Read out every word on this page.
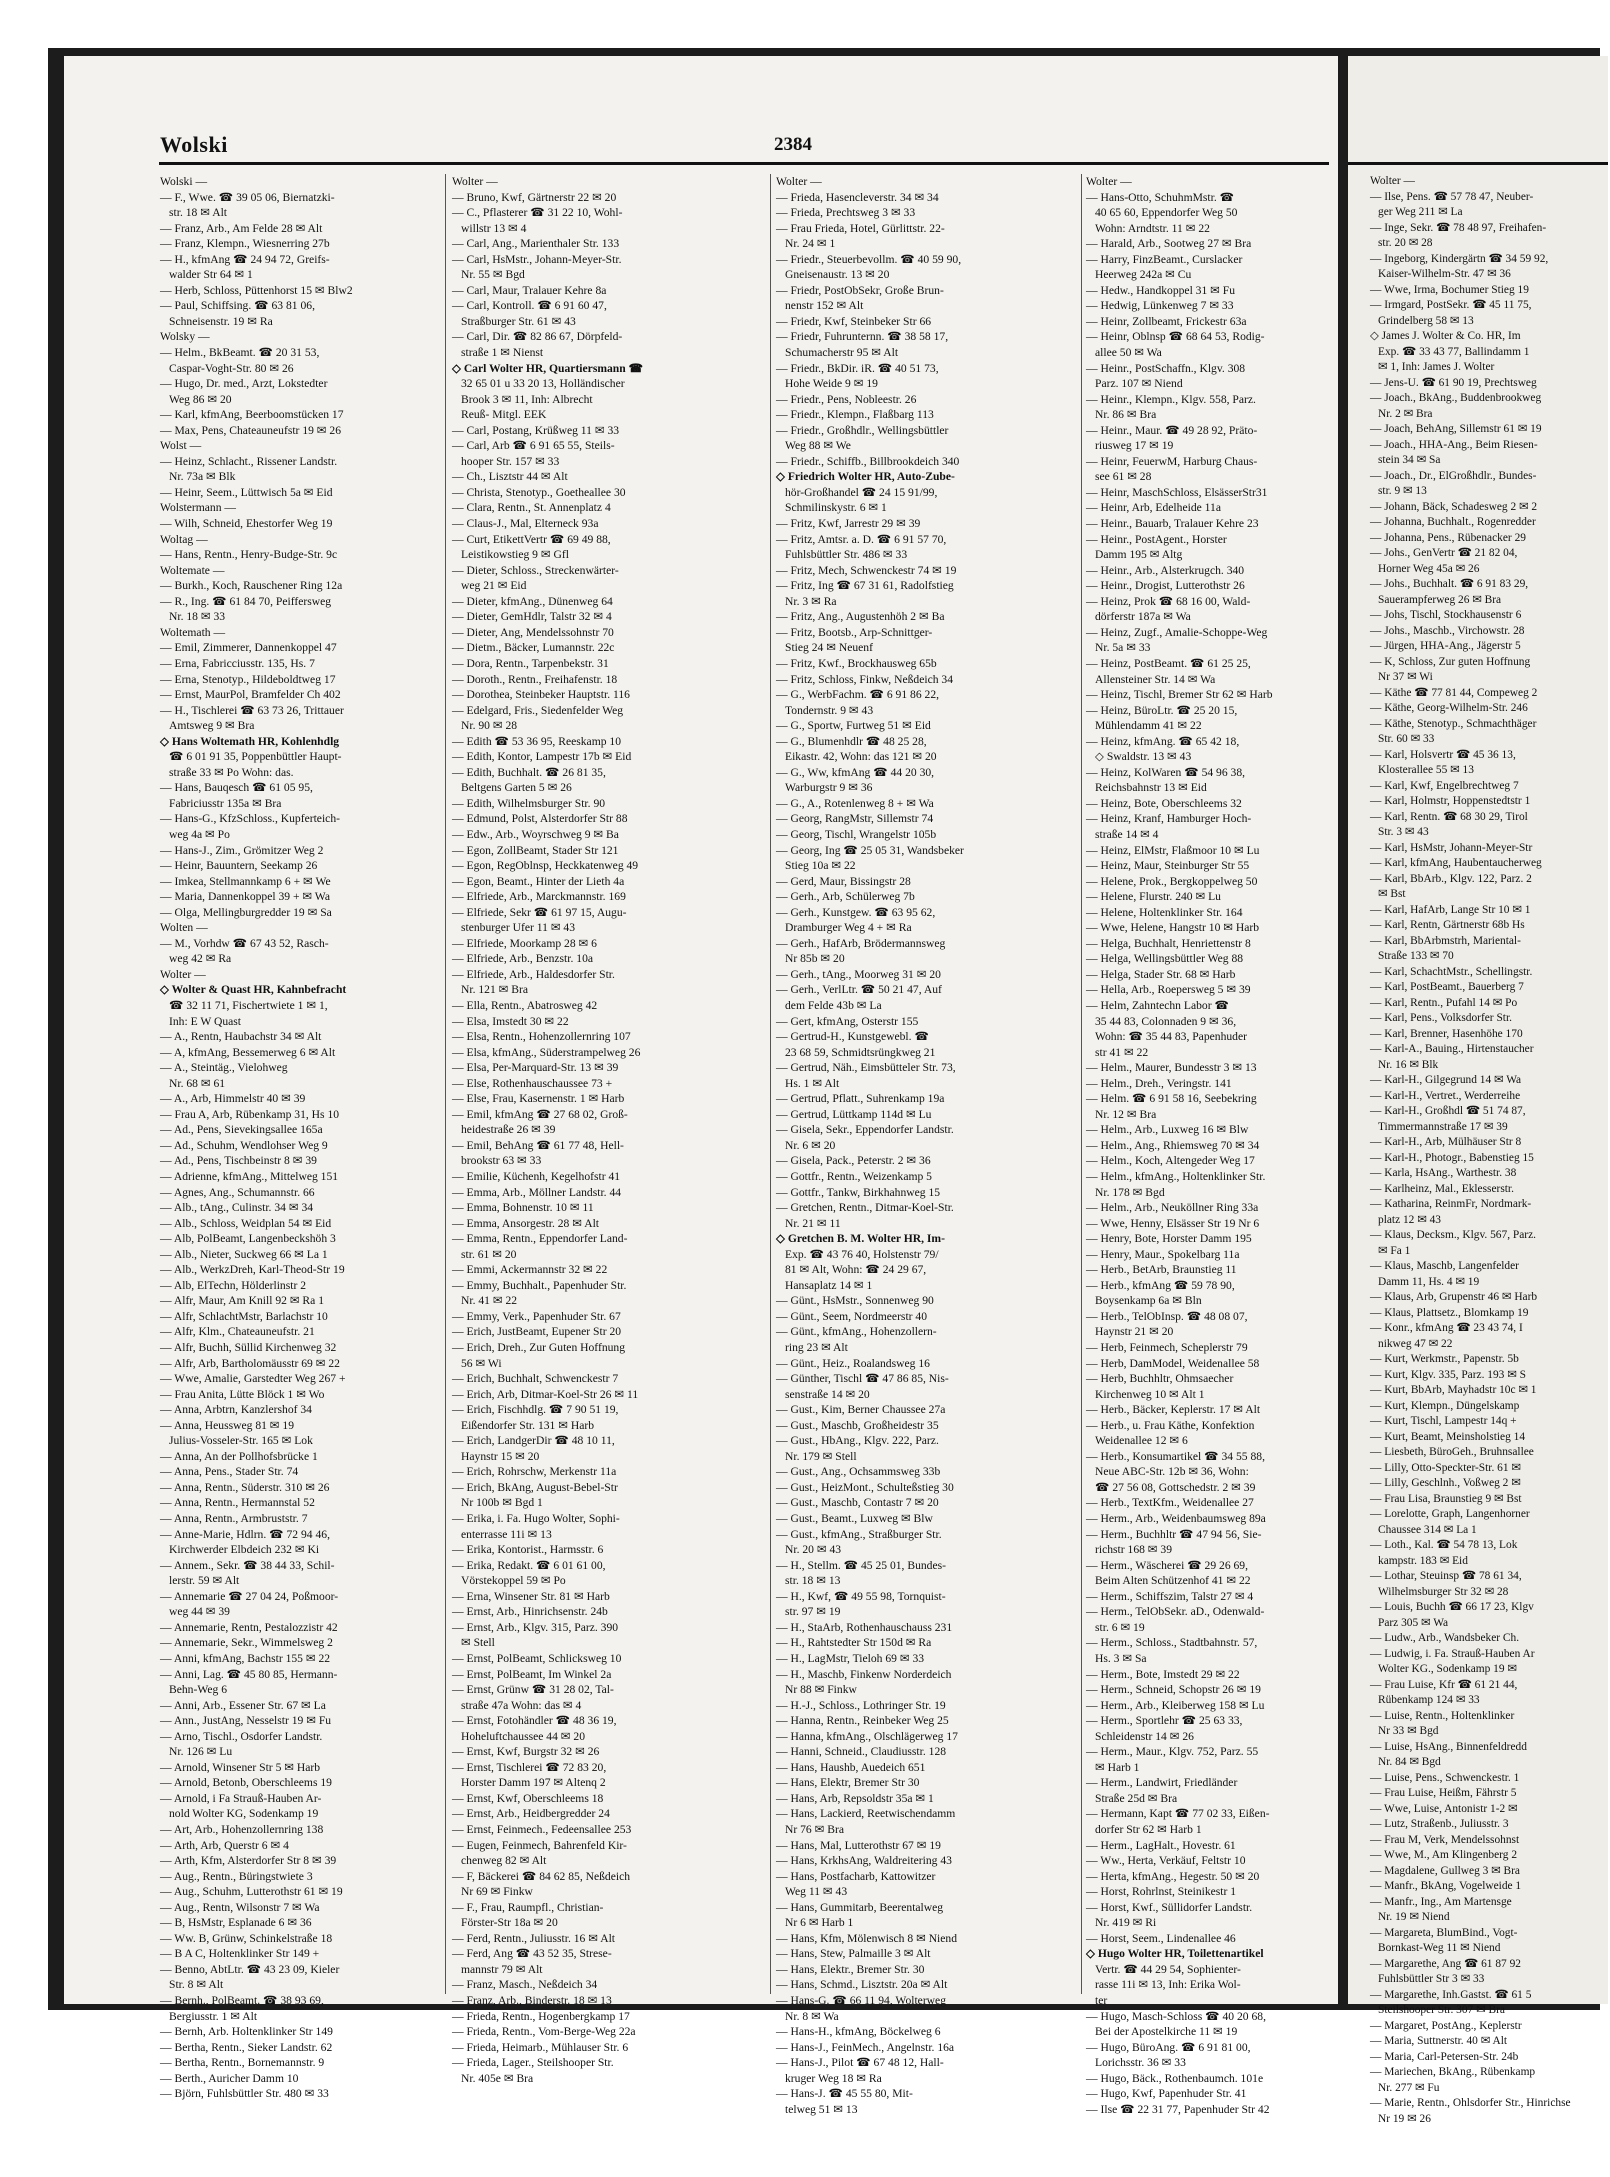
Wolski	2384
Wolski —
— F., Wwe. ☎ 39 05 06, Biernatzki-
str. 18 ✉ Alt
— Franz, Arb., Am Felde 28 ✉ Alt
— Franz, Klempn., Wiesnerring 27b
— H., kfmAng ☎ 24 94 72, Greifs-
walder Str 64 ✉ 1
— Herb, Schloss, Püttenhorst 15 ✉ Blw2
— Paul, Schiffsing. ☎ 63 81 06,
Schneisenstr. 19 ✉ Ra
Wolsky —
— Helm., BkBeamt. ☎ 20 31 53,
Caspar-Voght-Str. 80 ✉ 26
— Hugo, Dr. med., Arzt, Lokstedter
Weg 86 ✉ 20
— Karl, kfmAng, Beerboomstücken 17
— Max, Pens, Chateauneufstr 19 ✉ 26
Wolst —
— Heinz, Schlacht., Rissener Landstr.
Nr. 73a ✉ Blk
— Heinr, Seem., Lüttwisch 5a ✉ Eid
Wolstermann —
— Wilh, Schneid, Ehestorfer Weg 19
Woltag —
— Hans, Rentn., Henry-Budge-Str. 9c
Woltemate —
— Burkh., Koch, Rauschener Ring 12a
— R., Ing. ☎ 61 84 70, Peiffersweg
Nr. 18 ✉ 33
Woltemath —
— Emil, Zimmerer, Dannenkoppel 47
— Erna, Fabricciusstr. 135, Hs. 7
— Erna, Stenotyp., Hildeboldtweg 17
— Ernst, MaurPol, Bramfelder Ch 402
— H., Tischlerei ☎ 63 73 26, Trittauer
Amtsweg 9 ✉ Bra
◇ Hans Woltemath HR, Kohlenhdlg
☎ 6 01 91 35, Poppenbüttler Haupt-
straße 33 ✉ Po Wohn: das.
— Hans, Bauqesch ☎ 61 05 95,
Fabriciusstr 135a ✉ Bra
— Hans-G., KfzSchloss., Kupferteich-
weg 4a ✉ Po
— Hans-J., Zim., Grömitzer Weg 2
— Heinr, Bauuntern, Seekamp 26
— Imkea, Stellmannkamp 6 + ✉ We
— Maria, Dannenkoppel 39 + ✉ Wa
— Olga, Mellingburgredder 19 ✉ Sa
Wolten —
— M., Vorhdw ☎ 67 43 52, Rasch-
weg 42 ✉ Ra
Wolter —
◇ Wolter & Quast HR, Kahnbefracht
☎ 32 11 71, Fischertwiete 1 ✉ 1,
Inh: E W Quast
— A., Rentn, Haubachstr 34 ✉ Alt
— A, kfmAng, Bessemerweg 6 ✉ Alt
— A., Steintäg., Vielohweg
Nr. 68 ✉ 61
— A., Arb, Himmelstr 40 ✉ 39
— Frau A, Arb, Rübenkamp 31, Hs 10
— Ad., Pens, Sievekingsallee 165a
— Ad., Schuhm, Wendlohser Weg 9
— Ad., Pens, Tischbeinstr 8 ✉ 39
— Adrienne, kfmAng., Mittelweg 151
— Agnes, Ang., Schumannstr. 66
— Alb., tAng., Culinstr. 34 ✉ 34
— Alb., Schloss, Weidplan 54 ✉ Eid
— Alb, PolBeamt, Langenbeckshöh 3
— Alb., Nieter, Suckweg 66 ✉ La 1
— Alb., WerkzDreh, Karl-Theod-Str 19
— Alb, ElTechn, Hölderlinstr 2
— Alfr, Maur, Am Knill 92 ✉ Ra 1
— Alfr, SchlachtMstr, Barlachstr 10
— Alfr, Klm., Chateauneufstr. 21
— Alfr, Buchh, Süllid Kirchenweg 32
— Alfr, Arb, Bartholomäusstr 69 ✉ 22
— Wwe, Amalie, Garstedter Weg 267 +
— Frau Anita, Lütte Blöck 1 ✉ Wo
— Anna, Arbtrn, Kanzlershof 34
— Anna, Heussweg 81 ✉ 19
Julius-Vosseler-Str. 165 ✉ Lok
— Anna, An der Pollhofsbrücke 1
— Anna, Pens., Stader Str. 74
— Anna, Rentn., Süderstr. 310 ✉ 26
— Anna, Rentn., Hermannstal 52
— Anna, Rentn., Armbruststr. 7
— Anne-Marie, Hdlrn. ☎ 72 94 46,
Kirchwerder Elbdeich 232 ✉ Ki
— Annem., Sekr. ☎ 38 44 33, Schil-
lerstr. 59 ✉ Alt
— Annemarie ☎ 27 04 24, Poßmoor-
weg 44 ✉ 39
— Annemarie, Rentn, Pestalozzistr 42
— Annemarie, Sekr., Wimmelsweg 2
— Anni, kfmAng, Bachstr 155 ✉ 22
— Anni, Lag. ☎ 45 80 85, Hermann-
Behn-Weg 6
— Anni, Arb., Essener Str. 67 ✉ La
— Ann., JustAng, Nesselstr 19 ✉ Fu
— Arno, Tischl., Osdorfer Landstr.
Nr. 126 ✉ Lu
— Arnold, Winsener Str 5 ✉ Harb
— Arnold, Betonb, Oberschleems 19
— Arnold, i Fa Strauß-Hauben Ar-
nold Wolter KG, Sodenkamp 19
— Art, Arb., Hohenzollernring 138
— Arth, Arb, Querstr 6 ✉ 4
— Arth, Kfm, Alsterdorfer Str 8 ✉ 39
— Aug., Rentn., Büringstwiete 3
— Aug., Schuhm, Lutterothstr 61 ✉ 19
— Aug., Rentn, Wilsonstr 7 ✉ Wa
— B, HsMstr, Esplanade 6 ✉ 36
— Ww. B, Grünw, Schinkelstraße 18
— B A C, Holtenklinker Str 149 +
— Benno, AbtLtr. ☎ 43 23 09, Kieler
Str. 8 ✉ Alt
— Bernh., PolBeamt. ☎ 38 93 69,
Bergiusstr. 1 ✉ Alt
— Bernh, Arb. Holtenklinker Str 149
— Bertha, Rentn., Sieker Landstr. 62
— Bertha, Rentn., Bornemannstr. 9
— Berth., Auricher Damm 10
— Björn, Fuhlsbüttler Str. 480 ✉ 33
Wolter —
— Bruno, Kwf, Gärtnerstr 22 ✉ 20
— C., Pflasterer ☎ 31 22 10, Wohl-
willstr 13 ✉ 4
— Carl, Ang., Marienthaler Str. 133
— Carl, HsMstr., Johann-Meyer-Str.
Nr. 55 ✉ Bgd
— Carl, Maur, Tralauer Kehre 8a
— Carl, Kontroll. ☎ 6 91 60 47,
Straßburger Str. 61 ✉ 43
— Carl, Dir. ☎ 82 86 67, Dörpfeld-
straße 1 ✉ Nienst
◇ Carl Wolter HR, Quartiersmann ☎
32 65 01 u 33 20 13, Holländischer
Brook 3 ✉ 11, Inh: Albrecht
Reuß- Mitgl. EEK
— Carl, Postang, Krüßweg 11 ✉ 33
— Carl, Arb ☎ 6 91 65 55, Steils-
hooper Str. 157 ✉ 33
— Ch., Lisztstr 44 ✉ Alt
— Christa, Stenotyp., Goetheallee 30
— Clara, Rentn., St. Annenplatz 4
— Claus-J., Mal, Elterneck 93a
— Curt, EtikettVertr ☎ 69 49 88,
Leistikowstieg 9 ✉ Gfl
— Dieter, Schloss., Streckenwärter-
weg 21 ✉ Eid
— Dieter, kfmAng., Dünenweg 64
— Dieter, GemHdlr, Talstr 32 ✉ 4
— Dieter, Ang, Mendelssohnstr 70
— Dietm., Bäcker, Lumannstr. 22c
— Dora, Rentn., Tarpenbekstr. 31
— Doroth., Rentn., Freihafenstr. 18
— Dorothea, Steinbeker Hauptstr. 116
— Edelgard, Fris., Siedenfelder Weg
Nr. 90 ✉ 28
— Edith ☎ 53 36 95, Reeskamp 10
— Edith, Kontor, Lampestr 17b ✉ Eid
— Edith, Buchhalt. ☎ 26 81 35,
Beltgens Garten 5 ✉ 26
— Edith, Wilhelmsburger Str. 90
— Edmund, Polst, Alsterdorfer Str 88
— Edw., Arb., Woyrschweg 9 ✉ Ba
— Egon, ZollBeamt, Stader Str 121
— Egon, RegOblnsp, Heckkatenweg 49
— Egon, Beamt., Hinter der Lieth 4a
— Elfriede, Arb., Marckmannstr. 169
— Elfriede, Sekr ☎ 61 97 15, Augu-
stenburger Ufer 11 ✉ 43
— Elfriede, Moorkamp 28 ✉ 6
— Elfriede, Arb., Benzstr. 10a
— Elfriede, Arb., Haldesdorfer Str.
Nr. 121 ✉ Bra
— Ella, Rentn., Abatrosweg 42
— Elsa, Imstedt 30 ✉ 22
— Elsa, Rentn., Hohenzollernring 107
— Elsa, kfmAng., Süderstrampelweg 26
— Elsa, Per-Marquard-Str. 13 ✉ 39
— Else, Rothenhauschaussee 73 +
— Else, Frau, Kasernenstr. 1 ✉ Harb
— Emil, kfmAng ☎ 27 68 02, Groß-
heidestraße 26 ✉ 39
— Emil, BehAng ☎ 61 77 48, Hell-
brookstr 63 ✉ 33
— Emilie, Küchenh, Kegelhofstr 41
— Emma, Arb., Möllner Landstr. 44
— Emma, Bohnenstr. 10 ✉ 11
— Emma, Ansorgestr. 28 ✉ Alt
— Emma, Rentn., Eppendorfer Land-
str. 61 ✉ 20
— Emmi, Ackermannstr 32 ✉ 22
— Emmy, Buchhalt., Papenhuder Str.
Nr. 41 ✉ 22
— Emmy, Verk., Papenhuder Str. 67
— Erich, JustBeamt, Eupener Str 20
— Erich, Dreh., Zur Guten Hoffnung
56 ✉ Wi
— Erich, Buchhalt, Schwenckestr 7
— Erich, Arb, Ditmar-Koel-Str 26 ✉ 11
— Erich, Fischhdlg. ☎ 7 90 51 19,
Eißendorfer Str. 131 ✉ Harb
— Erich, LandgerDir ☎ 48 10 11,
Haynstr 15 ✉ 20
— Erich, Rohrschw, Merkenstr 11a
— Erich, BkAng, August-Bebel-Str
Nr 100b ✉ Bgd 1
— Erika, i. Fa. Hugo Wolter, Sophi-
enterrasse 11i ✉ 13
— Erika, Kontorist., Harmsstr. 6
— Erika, Redakt. ☎ 6 01 61 00,
Vörstekoppel 59 ✉ Po
— Erna, Winsener Str. 81 ✉ Harb
— Ernst, Arb., Hinrichsenstr. 24b
— Ernst, Arb., Klgv. 315, Parz. 390
✉ Stell
— Ernst, PolBeamt, Schlicksweg 10
— Ernst, PolBeamt, Im Winkel 2a
— Ernst, Grünw ☎ 31 28 02, Tal-
straße 47a Wohn: das ✉ 4
— Ernst, Fotohändler ☎ 48 36 19,
Hoheluftchaussee 44 ✉ 20
— Ernst, Kwf, Burgstr 32 ✉ 26
— Ernst, Tischlerei ☎ 72 83 20,
Horster Damm 197 ✉ Altenq 2
— Ernst, Kwf, Oberschleems 18
— Ernst, Arb., Heidbergredder 24
— Ernst, Feinmech., Fedeensallee 253
— Eugen, Feinmech, Bahrenfeld Kir-
chenweg 82 ✉ Alt
— F, Bäckerei ☎ 84 62 85, Neßdeich
Nr 69 ✉ Finkw
— F., Frau, Raumpfl., Christian-
Förster-Str 18a ✉ 20
— Ferd, Rentn., Juliusstr. 16 ✉ Alt
— Ferd, Ang ☎ 43 52 35, Strese-
mannstr 79 ✉ Alt
— Franz, Masch., Neßdeich 34
— Franz, Arb., Binderstr. 18 ✉ 13
— Frieda, Rentn., Hogenbergkamp 17
— Frieda, Rentn., Vom-Berge-Weg 22a
— Frieda, Heimarb., Mühlauser Str. 6
— Frieda, Lager., Steilshooper Str.
Nr. 405e ✉ Bra
Wolter —
— Frieda, Hasencleverstr. 34 ✉ 34
— Frieda, Prechtsweg 3 ✉ 33
— Frau Frieda, Hotel, Gürlittstr. 22-
Nr. 24 ✉ 1
— Friedr., Steuerbevollm. ☎ 40 59 90,
Gneisenaustr. 13 ✉ 20
— Friedr, PostObSekr, Große Brun-
nenstr 152 ✉ Alt
— Friedr, Kwf, Steinbeker Str 66
— Friedr, Fuhrunternn. ☎ 38 58 17,
Schumacherstr 95 ✉ Alt
— Friedr., BkDir. iR. ☎ 40 51 73,
Hohe Weide 9 ✉ 19
— Friedr., Pens, Nobleestr. 26
— Friedr., Klempn., Flaßbarg 113
— Friedr., Großhdlr., Wellingsbüttler
Weg 88 ✉ We
— Friedr., Schiffb., Billbrookdeich 340
◇ Friedrich Wolter HR, Auto-Zube-
hör-Großhandel ☎ 24 15 91/99,
Schmilinskystr. 6 ✉ 1
— Fritz, Kwf, Jarrestr 29 ✉ 39
— Fritz, Amtsr. a. D. ☎ 6 91 57 70,
Fuhlsbüttler Str. 486 ✉ 33
— Fritz, Mech, Schwenckestr 74 ✉ 19
— Fritz, Ing ☎ 67 31 61, Radolfstieg
Nr. 3 ✉ Ra
— Fritz, Ang., Augustenhöh 2 ✉ Ba
— Fritz, Bootsb., Arp-Schnittger-
Stieg 24 ✉ Neuenf
— Fritz, Kwf., Brockhausweg 65b
— Fritz, Schloss, Finkw, Neßdeich 34
— G., WerbFachm. ☎ 6 91 86 22,
Tondernstr. 9 ✉ 43
— G., Sportw, Furtweg 51 ✉ Eid
— G., Blumenhdlr ☎ 48 25 28,
Eikastr. 42, Wohn: das 121 ✉ 20
— G., Ww, kfmAng ☎ 44 20 30,
Warburgstr 9 ✉ 36
— G., A., Rotenlenweg 8 + ✉ Wa
— Georg, RangMstr, Sillemstr 74
— Georg, Tischl, Wrangelstr 105b
— Georg, Ing ☎ 25 05 31, Wandsbeker
Stieg 10a ✉ 22
— Gerd, Maur, Bissingstr 28
— Gerh., Arb, Schülerweg 7b
— Gerh., Kunstgew. ☎ 63 95 62,
Dramburger Weg 4 + ✉ Ra
— Gerh., HafArb, Brödermannsweg
Nr 85b ✉ 20
— Gerh., tAng., Moorweg 31 ✉ 20
— Gerh., VerlLtr. ☎ 50 21 47, Auf
dem Felde 43b ✉ La
— Gert, kfmAng, Osterstr 155
— Gertrud-H., Kunstgewebl. ☎
23 68 59, Schmidtsrüngkweg 21
— Gertrud, Näh., Eimsbütteler Str. 73,
Hs. 1 ✉ Alt
— Gertrud, Pflatt., Suhrenkamp 19a
— Gertrud, Lüttkamp 114d ✉ Lu
— Gisela, Sekr., Eppendorfer Landstr.
Nr. 6 ✉ 20
— Gisela, Pack., Peterstr. 2 ✉ 36
— Gottfr., Rentn., Weizenkamp 5
— Gottfr., Tankw, Birkhahnweg 15
— Gretchen, Rentn., Ditmar-Koel-Str.
Nr. 21 ✉ 11
◇ Gretchen B. M. Wolter HR, Im-
Exp. ☎ 43 76 40, Holstenstr 79/
81 ✉ Alt, Wohn: ☎ 24 29 67,
Hansaplatz 14 ✉ 1
— Günt., HsMstr., Sonnenweg 90
— Günt., Seem, Nordmeerstr 40
— Günt., kfmAng., Hohenzollern-
ring 23 ✉ Alt
— Günt., Heiz., Roalandsweg 16
— Günther, Tischl ☎ 47 86 85, Nis-
senstraße 14 ✉ 20
— Gust., Kim, Berner Chaussee 27a
— Gust., Maschb, Großheidestr 35
— Gust., HbAng., Klgv. 222, Parz.
Nr. 179 ✉ Stell
— Gust., Ang., Ochsammsweg 33b
— Gust., HeizMont., Schulteßstieg 30
— Gust., Maschb, Contastr 7 ✉ 20
— Gust., Beamt., Luxweg ✉ Blw
— Gust., kfmAng., Straßburger Str.
Nr. 20 ✉ 43
— H., Stellm. ☎ 45 25 01, Bundes-
str. 18 ✉ 13
— H., Kwf, ☎ 49 55 98, Tornquist-
str. 97 ✉ 19
— H., StaArb, Rothenhauschauss 231
— H., Rahtstedter Str 150d ✉ Ra
— H., LagMstr, Tieloh 69 ✉ 33
— H., Maschb, Finkenw Norderdeich
Nr 88 ✉ Finkw
— H.-J., Schloss., Lothringer Str. 19
— Hanna, Rentn., Reinbeker Weg 25
— Hanna, kfmAng., Olschlägerweg 17
— Hanni, Schneid., Claudiusstr. 128
— Hans, Haushb, Auedeich 651
— Hans, Elektr, Bremer Str 30
— Hans, Arb, Repsoldstr 35a ✉ 1
— Hans, Lackierd, Reetwischendamm
Nr 76 ✉ Bra
— Hans, Mal, Lutterothstr 67 ✉ 19
— Hans, KrkhsAng, Waldreitering 43
— Hans, Postfacharb, Kattowitzer
Weg 11 ✉ 43
— Hans, Gummitarb, Beerentalweg
Nr 6 ✉ Harb 1
— Hans, Kfm, Mölenwisch 8 ✉ Niend
— Hans, Stew, Palmaille 3 ✉ Alt
— Hans, Elektr., Bremer Str. 30
— Hans, Schmd., Lisztstr. 20a ✉ Alt
— Hans-G. ☎ 66 11 94, Wolterweg
Nr. 8 ✉ Wa
— Hans-H., kfmAng, Böckelweg 6
— Hans-J., FeinMech., Angelnstr. 16a
— Hans-J., Pilot ☎ 67 48 12, Hall-
kruger Weg 18 ✉ Ra
— Hans-J. ☎ 45 55 80, Mit-
telweg 51 ✉ 13
Wolter —
— Hans-Otto, SchuhmMstr. ☎
40 65 60, Eppendorfer Weg 50
Wohn: Arndtstr. 11 ✉ 22
— Harald, Arb., Sootweg 27 ✉ Bra
— Harry, FinzBeamt., Curslacker
Heerweg 242a ✉ Cu
— Hedw., Handkoppel 31 ✉ Fu
— Hedwig, Lünkenweg 7 ✉ 33
— Heinr, Zollbeamt, Frickestr 63a
— Heinr, Oblnsp ☎ 68 64 53, Rodig-
allee 50 ✉ Wa
— Heinr., PostSchaffn., Klgv. 308
Parz. 107 ✉ Niend
— Heinr., Klempn., Klgv. 558, Parz.
Nr. 86 ✉ Bra
— Heinr., Maur. ☎ 49 28 92, Präto-
riusweg 17 ✉ 19
— Heinr, FeuerwM, Harburg Chaus-
see 61 ✉ 28
— Heinr, MaschSchloss, ElsässerStr31
— Heinr, Arb, Edelheide 11a
— Heinr., Bauarb, Tralauer Kehre 23
— Heinr., PostAgent., Horster
Damm 195 ✉ Altg
— Heinr., Arb., Alsterkrugch. 340
— Heinr., Drogist, Lutterothstr 26
— Heinz, Prok ☎ 68 16 00, Wald-
dörferstr 187a ✉ Wa
— Heinz, Zugf., Amalie-Schoppe-Weg
Nr. 5a ✉ 33
— Heinz, PostBeamt. ☎ 61 25 25,
Allensteiner Str. 14 ✉ Wa
— Heinz, Tischl, Bremer Str 62 ✉ Harb
— Heinz, BüroLtr. ☎ 25 20 15,
Mühlendamm 41 ✉ 22
— Heinz, kfmAng. ☎ 65 42 18,
◇ Swaldstr. 13 ✉ 43
— Heinz, KolWaren ☎ 54 96 38,
Reichsbahnstr 13 ✉ Eid
— Heinz, Bote, Oberschleems 32
— Heinz, Kranf, Hamburger Hoch-
straße 14 ✉ 4
— Heinz, ElMstr, Flaßmoor 10 ✉ Lu
— Heinz, Maur, Steinburger Str 55
— Helene, Prok., Bergkoppelweg 50
— Helene, Flurstr. 240 ✉ Lu
— Helene, Holtenklinker Str. 164
— Wwe, Helene, Hangstr 10 ✉ Harb
— Helga, Buchhalt, Henriettenstr 8
— Helga, Wellingsbüttler Weg 88
— Helga, Stader Str. 68 ✉ Harb
— Hella, Arb., Roepersweg 5 ✉ 39
— Helm, Zahntechn Labor ☎
35 44 83, Colonnaden 9 ✉ 36,
Wohn: ☎ 35 44 83, Papenhuder
str 41 ✉ 22
— Helm., Maurer, Bundesstr 3 ✉ 13
— Helm., Dreh., Veringstr. 141
— Helm. ☎ 6 91 58 16, Seebekring
Nr. 12 ✉ Bra
— Helm., Arb., Luxweg 16 ✉ Blw
— Helm., Ang., Rhiemsweg 70 ✉ 34
— Helm., Koch, Altengeder Weg 17
— Helm., kfmAng., Holtenklinker Str.
Nr. 178 ✉ Bgd
— Helm., Arb., Neuköllner Ring 33a
— Wwe, Henny, Elsässer Str 19 Nr 6
— Henry, Bote, Horster Damm 195
— Henry, Maur., Spokelbarg 11a
— Herb., BetArb, Braunstieg 11
— Herb., kfmAng ☎ 59 78 90,
Boysenkamp 6a ✉ Bln
— Herb., TelObInsp. ☎ 48 08 07,
Haynstr 21 ✉ 20
— Herb, Feinmech, Scheplerstr 79
— Herb, DamModel, Weidenallee 58
— Herb, Buchhltr, Ohmsaecher
Kirchenweg 10 ✉ Alt 1
— Herb., Bäcker, Keplerstr. 17 ✉ Alt
— Herb., u. Frau Käthe, Konfektion
Weidenallee 12 ✉ 6
— Herb., Konsumartikel ☎ 34 55 88,
Neue ABC-Str. 12b ✉ 36, Wohn:
☎ 27 56 08, Gottschedstr. 2 ✉ 39
— Herb., TextKfm., Weidenallee 27
— Herm., Arb., Weidenbaumsweg 89a
— Herm., Buchhltr ☎ 47 94 56, Sie-
richstr 168 ✉ 39
— Herm., Wäscherei ☎ 29 26 69,
Beim Alten Schützenhof 41 ✉ 22
— Herm., Schiffszim, Talstr 27 ✉ 4
— Herm., TelObSekr. aD., Odenwald-
str. 6 ✉ 19
— Herm., Schloss., Stadtbahnstr. 57,
Hs. 3 ✉ Sa
— Herm., Bote, Imstedt 29 ✉ 22
— Herm., Schneid, Schopstr 26 ✉ 19
— Herm., Arb., Kleiberweg 158 ✉ Lu
— Herm., Sportlehr ☎ 25 63 33,
Schleidenstr 14 ✉ 26
— Herm., Maur., Klgv. 752, Parz. 55
✉ Harb 1
— Herm., Landwirt, Friedländer
Straße 25d ✉ Bra
— Hermann, Kapt ☎ 77 02 33, Eißen-
dorfer Str 62 ✉ Harb 1
— Herm., LagHalt., Hovestr. 61
— Ww., Herta, Verkäuf, Feltstr 10
— Herta, kfmAng., Hegestr. 50 ✉ 20
— Horst, Rohrlnst, Steinikestr 1
— Horst, Kwf., Süllidorfer Landstr.
Nr. 419 ✉ Ri
— Horst, Seem., Lindenallee 46
◇ Hugo Wolter HR, Toilettenartikel
Vertr. ☎ 44 29 54, Sophienter-
rasse 11i ✉ 13, Inh: Erika Wol-
ter
— Hugo, Masch-Schloss ☎ 40 20 68,
Bei der Apostelkirche 11 ✉ 19
— Hugo, BüroAng. ☎ 6 91 81 00,
Lorichsstr. 36 ✉ 33
— Hugo, Bäck., Rothenbaumch. 101e
— Hugo, Kwf, Papenhuder Str. 41
— Ilse ☎ 22 31 77, Papenhuder Str 42
Wolter —
— Ilse, Pens. ☎ 57 78 47, Neuber-
ger Weg 211 ✉ La
— Inge, Sekr. ☎ 78 48 97, Freihafen-
str. 20 ✉ 28
— Ingeborg, Kindergärtn ☎ 34 59 92,
Kaiser-Wilhelm-Str. 47 ✉ 36
— Wwe, Irma, Bochumer Stieg 19
— Irmgard, PostSekr. ☎ 45 11 75,
Grindelberg 58 ✉ 13
◇ James J. Wolter & Co. HR, Im
Exp. ☎ 33 43 77, Ballindamm 1
✉ 1, Inh: James J. Wolter
— Jens-U. ☎ 61 90 19, Prechtsweg
— Joach., BkAng., Buddenbrookweg
Nr. 2 ✉ Bra
— Joach, BehAng, Sillemstr 61 ✉ 19
— Joach., HHA-Ang., Beim Riesen-
stein 34 ✉ Sa
— Joach., Dr., ElGroßhdlr., Bundes-
str. 9 ✉ 13
— Johann, Bäck, Schadesweg 2 ✉ 2
— Johanna, Buchhalt., Rogenredder
— Johanna, Pens., Rübenacker 29
— Johs., GenVertr ☎ 21 82 04,
Horner Weg 45a ✉ 26
— Johs., Buchhalt. ☎ 6 91 83 29,
Sauerampferweg 26 ✉ Bra
— Johs, Tischl, Stockhausenstr 6
— Johs., Maschb., Virchowstr. 28
— Jürgen, HHA-Ang., Jägerstr 5
— K, Schloss, Zur guten Hoffnung
Nr 37 ✉ Wi
— Käthe ☎ 77 81 44, Compeweg 2
— Käthe, Georg-Wilhelm-Str. 246
— Käthe, Stenotyp., Schmachthäger
Str. 60 ✉ 33
— Karl, Holsvertr ☎ 45 36 13,
Klosterallee 55 ✉ 13
— Karl, Kwf, Engelbrechtweg 7
— Karl, Holmstr, Hoppenstedtstr 1
— Karl, Rentn. ☎ 68 30 29, Tirol
Str. 3 ✉ 43
— Karl, HsMstr, Johann-Meyer-Str
— Karl, kfmAng, Haubentaucherweg
— Karl, BbArb., Klgv. 122, Parz. 2
✉ Bst
— Karl, HafArb, Lange Str 10 ✉ 1
— Karl, Rentn, Gärtnerstr 68b Hs
— Karl, BbArbmstrh, Mariental-
Straße 133 ✉ 70
— Karl, SchachtMstr., Schellingstr.
— Karl, PostBeamt., Bauerberg 7
— Karl, Rentn., Pufahl 14 ✉ Po
— Karl, Pens., Volksdorfer Str.
— Karl, Brenner, Hasenhöhe 170
— Karl-A., Bauing., Hirtenstaucher
Nr. 16 ✉ Blk
— Karl-H., Gilgegrund 14 ✉ Wa
— Karl-H., Vertret., Werderreihe
— Karl-H., Großhdl ☎ 51 74 87,
Timmermannstraße 17 ✉ 39
— Karl-H., Arb, Mülhäuser Str 8
— Karl-H., Photogr., Babenstieg 15
— Karla, HsAng., Warthestr. 38
— Karlheinz, Mal., Eklesserstr.
— Katharina, ReinmFr, Nordmark-
platz 12 ✉ 43
— Klaus, Decksm., Klgv. 567, Parz.
✉ Fa 1
— Klaus, Maschb, Langenfelder
Damm 11, Hs. 4 ✉ 19
— Klaus, Arb, Grupenstr 46 ✉ Harb
— Klaus, Plattsetz., Blomkamp 19
— Konr., kfmAng ☎ 23 43 74, I
nikweg 47 ✉ 22
— Kurt, Werkmstr., Papenstr. 5b
— Kurt, Klgv. 335, Parz. 193 ✉ S
— Kurt, BbArb, Mayhadstr 10c ✉ 1
— Kurt, Klempn., Düngelskamp
— Kurt, Tischl, Lampestr 14q +
— Kurt, Beamt, Meinsholstieg 14
— Liesbeth, BüroGeh., Bruhnsallee
— Lilly, Otto-Speckter-Str. 61 ✉
— Lilly, Geschlnh., Voßweg 2 ✉
— Frau Lisa, Braunstieg 9 ✉ Bst
— Lorelotte, Graph, Langenhorner
Chaussee 314 ✉ La 1
— Loth., Kal. ☎ 54 78 13, Lok
kampstr. 183 ✉ Eid
— Lothar, Steuinsp ☎ 78 61 34,
Wilhelmsburger Str 32 ✉ 28
— Louis, Buchh ☎ 66 17 23, Klgv
Parz 305 ✉ Wa
— Ludw., Arb., Wandsbeker Ch.
— Ludwig, i. Fa. Strauß-Hauben Ar
Wolter KG., Sodenkamp 19 ✉
— Frau Luise, Kfr ☎ 61 21 44,
Rübenkamp 124 ✉ 33
— Luise, Rentn., Holtenklinker
Nr 33 ✉ Bgd
— Luise, HsAng., Binnenfeldredd
Nr. 84 ✉ Bgd
— Luise, Pens., Schwenckestr. 1
— Frau Luise, Heißm, Fährstr 5
— Wwe, Luise, Antonistr 1-2 ✉
— Lutz, Straßenb., Juliusstr. 3
— Frau M, Verk, Mendelssohnst
— Wwe, M., Am Klingenberg 2
— Magdalene, Gullweg 3 ✉ Bra
— Manfr., BkAng, Vogelweide 1
— Manfr., Ing., Am Martensge
Nr. 19 ✉ Niend
— Margareta, BlumBind., Vogt-
Bornkast-Weg 11 ✉ Niend
— Margarethe, Ang ☎ 61 87 92
Fuhlsbüttler Str 3 ✉ 33
— Margarethe, Inh.Gastst. ☎ 61 5
Steilshooper Str. 307 ✉ Bra
— Margaret, PostAng., Keplerstr
— Maria, Suttnerstr. 40 ✉ Alt
— Maria, Carl-Petersen-Str. 24b
— Mariechen, BkAng., Rübenkamp
Nr. 277 ✉ Fu
— Marie, Rentn., Ohlsdorfer Str., Hinrichse
Nr 19 ✉ 26
